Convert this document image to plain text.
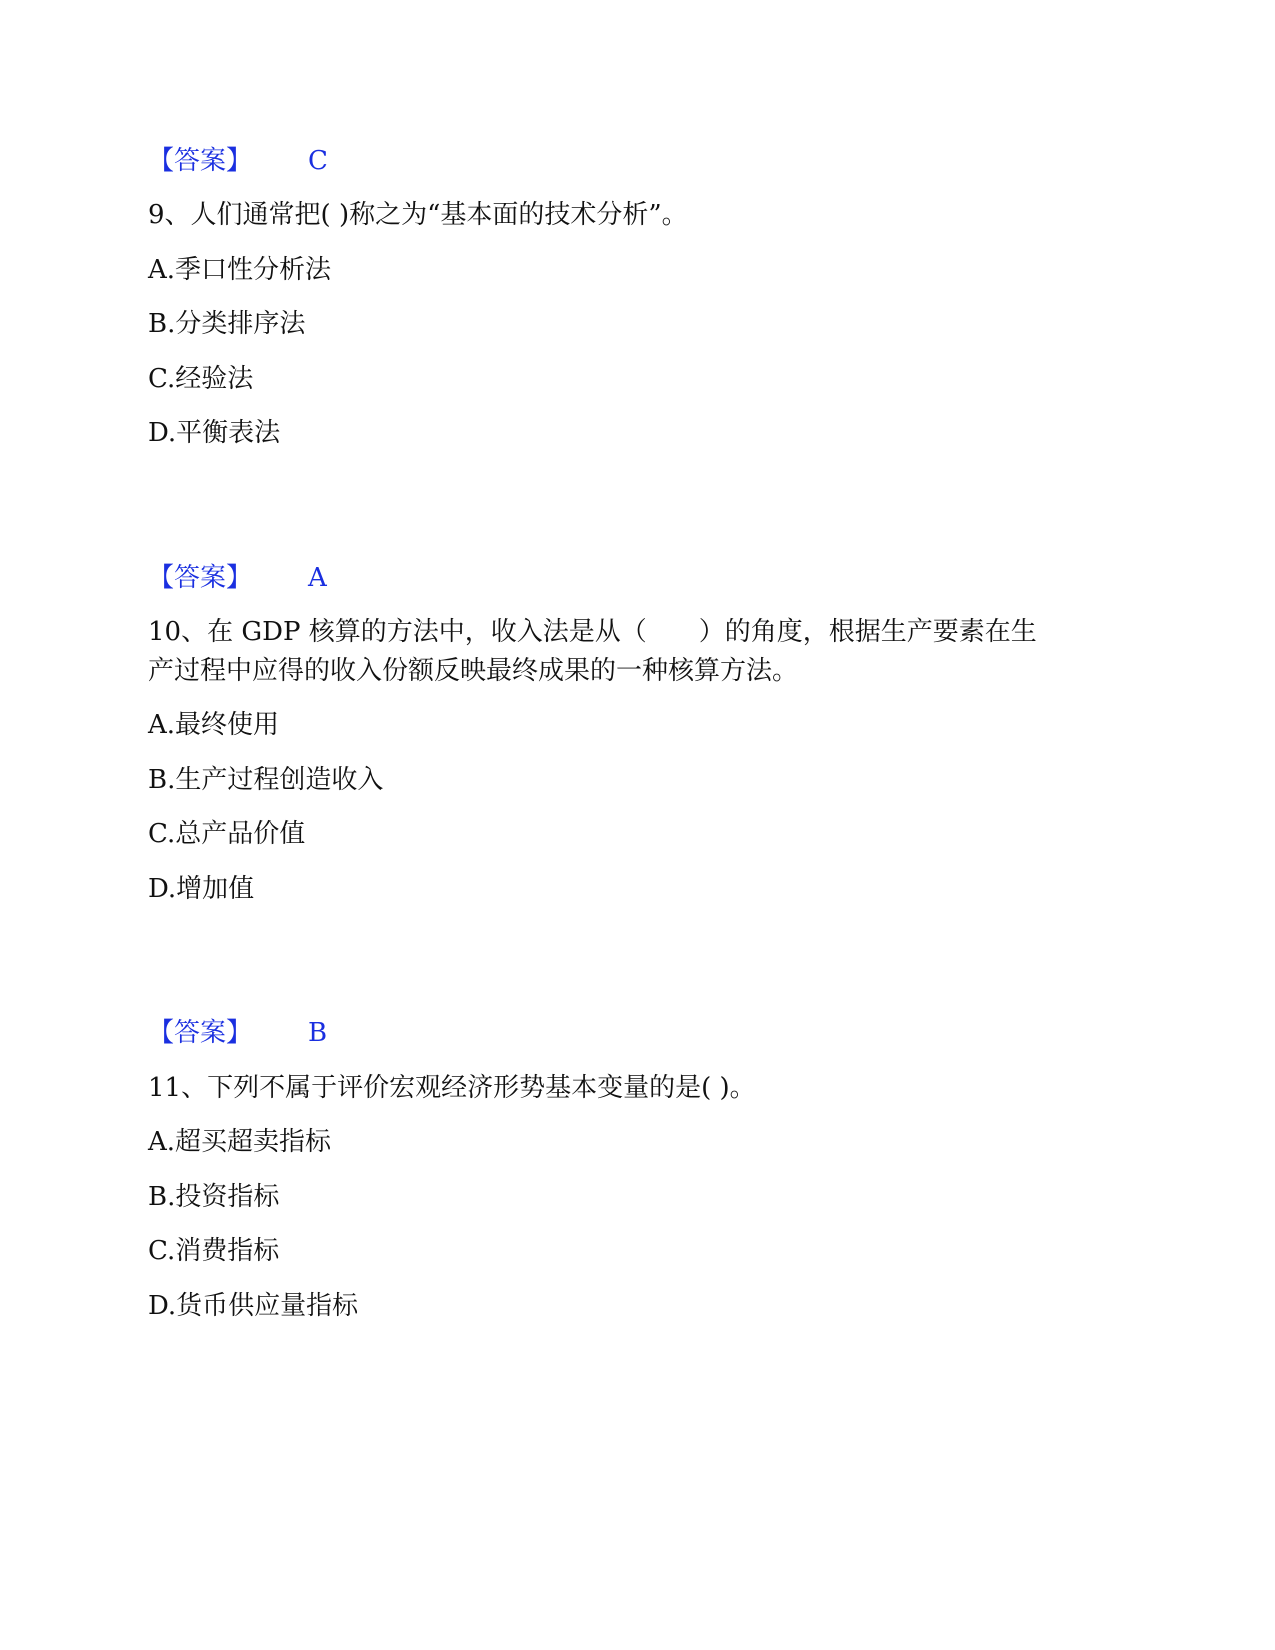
【答案】 C
9、人们通常把( )称之为“基本面的技术分析”。
A.季口性分析法
B.分类排序法
C.经验法
D.平衡表法
【答案】 A
10、在 GDP 核算的方法中，收入法是从（　　）的角度，根据生产要素在生
产过程中应得的收入份额反映最终成果的一种核算方法。
A.最终使用
B.生产过程创造收入
C.总产品价值
D.增加值
【答案】 B
11、下列不属于评价宏观经济形势基本变量的是( )。
A.超买超卖指标
B.投资指标
C.消费指标
D.货币供应量指标
